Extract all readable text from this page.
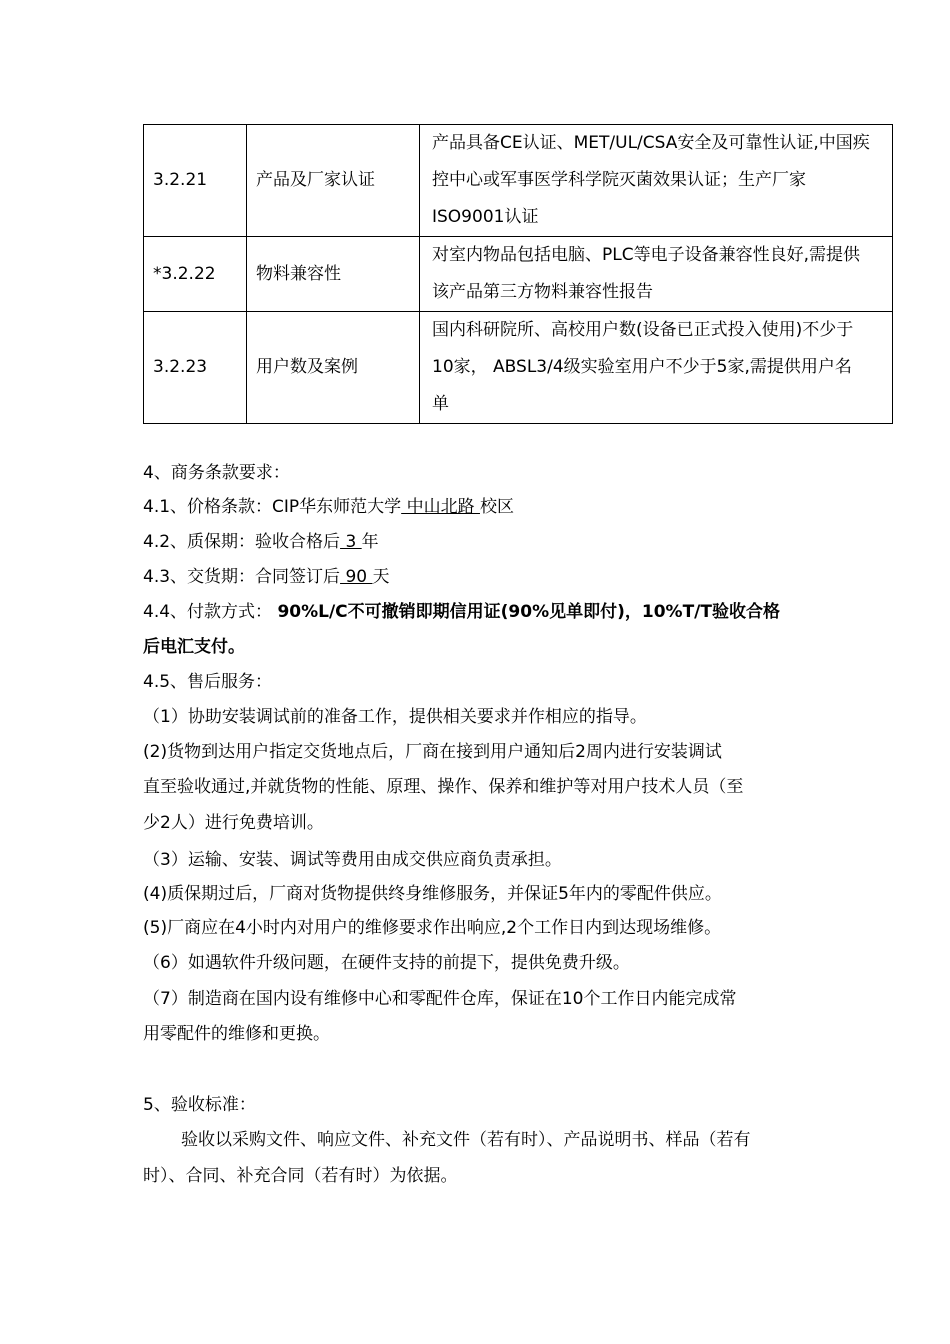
3.2.21	产品及厂家认证	产品具备CE认证、MET/UL/CSA安全及可靠性认证,中国疾
控中心或军事医学科学院灭菌效果认证；生产厂家
ISO9001认证

*3.2.22	物料兼容性	对室内物品包括电脑、PLC等电子设备兼容性良好,需提供
该产品第三方物料兼容性报告

3.2.23	用户数及案例	国内科研院所、高校用户数(设备已正式投入使用)不少于
10家， ABSL3/4级实验室用户不少于5家,需提供用户名
单
4、商务条款要求：
4.1、价格条款：CIP华东师范大学 中山北路 校区
4.2、质保期：验收合格后 3 年
4.3、交货期：合同签订后 90 天
4.4、付款方式： 90%L/C不可撤销即期信用证(90%见单即付)，10%T/T验收合格
后电汇支付。
4.5、售后服务：
（1）协助安装调试前的准备工作，提供相关要求并作相应的指导。
(2)货物到达用户指定交货地点后，厂商在接到用户通知后2周内进行安装调试
直至验收通过,并就货物的性能、原理、操作、保养和维护等对用户技术人员（至
少2人）进行免费培训。
（3）运输、安装、调试等费用由成交供应商负责承担。
(4)质保期过后，厂商对货物提供终身维修服务，并保证5年内的零配件供应。
(5)厂商应在4小时内对用户的维修要求作出响应,2个工作日内到达现场维修。
（6）如遇软件升级问题，在硬件支持的前提下，提供免费升级。
（7）制造商在国内设有维修中心和零配件仓库，保证在10个工作日内能完成常
用零配件的维修和更换。
5、验收标准：
验收以采购文件、响应文件、补充文件（若有时）、产品说明书、样品（若有
时）、合同、补充合同（若有时）为依据。
